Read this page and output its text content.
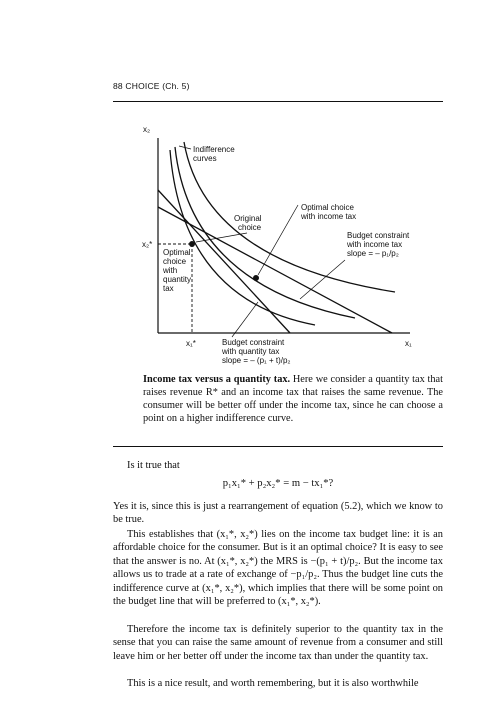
88 CHOICE (Ch. 5)
x₂
x₁
x₂*
x₁*
Indifference
curves
Original
choice
Optimal choice
with income tax
Budget constraint
with income tax
slope = – p₁/p₂
Optimal
choice
with
quantity
tax
Budget constraint
with quantity tax
slope = – (p₁ + t)/p₂
Income tax versus a quantity tax. Here we consider a quantity tax that raises revenue R* and an income tax that raises the same revenue. The consumer will be better off under the income tax, since he can choose a point on a higher indifference curve.

Is it true that

p₁x₁* + p₂x₂* = m − tx₁*?

Yes it is, since this is just a rearrangement of equation (5.2), which we know to be true.

This establishes that (x₁*, x₂*) lies on the income tax budget line: it is an affordable choice for the consumer. But is it an optimal choice? It is easy to see that the answer is no. At (x₁*, x₂*) the MRS is −(p₁ + t)/p₂. But the income tax allows us to trade at a rate of exchange of −p₁/p₂. Thus the budget line cuts the indifference curve at (x₁*, x₂*), which implies that there will be some point on the budget line that will be preferred to (x₁*, x₂*).

Therefore the income tax is definitely superior to the quantity tax in the sense that you can raise the same amount of revenue from a consumer and still leave him or her better off under the income tax than under the quantity tax.

This is a nice result, and worth remembering, but it is also worthwhile
